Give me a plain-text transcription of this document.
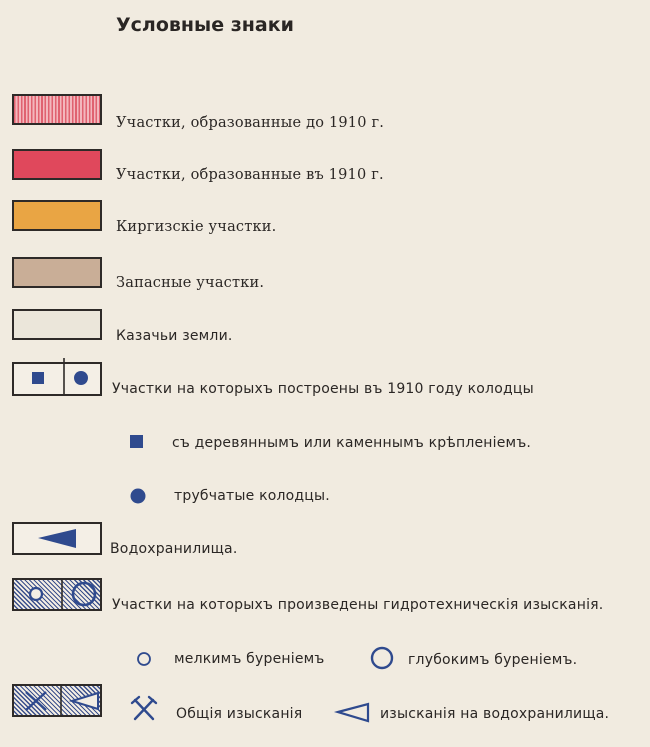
Условные знаки
Участки, образованные до 1910 г.
Участки, образованные въ 1910 г.
Киргизскіе участки.
Запасные участки.
Казачьи земли.
Участки на которыхъ построены въ 1910 году колодцы
съ деревяннымъ или каменнымъ крѣпленіемъ.
трубчатые колодцы.
Водохранилища.
Участки на которыхъ произведены гидротехническія изысканія.
мелкимъ буреніемъ	глубокимъ буреніемъ.
Общія изысканія	изысканія на водохранилища.
